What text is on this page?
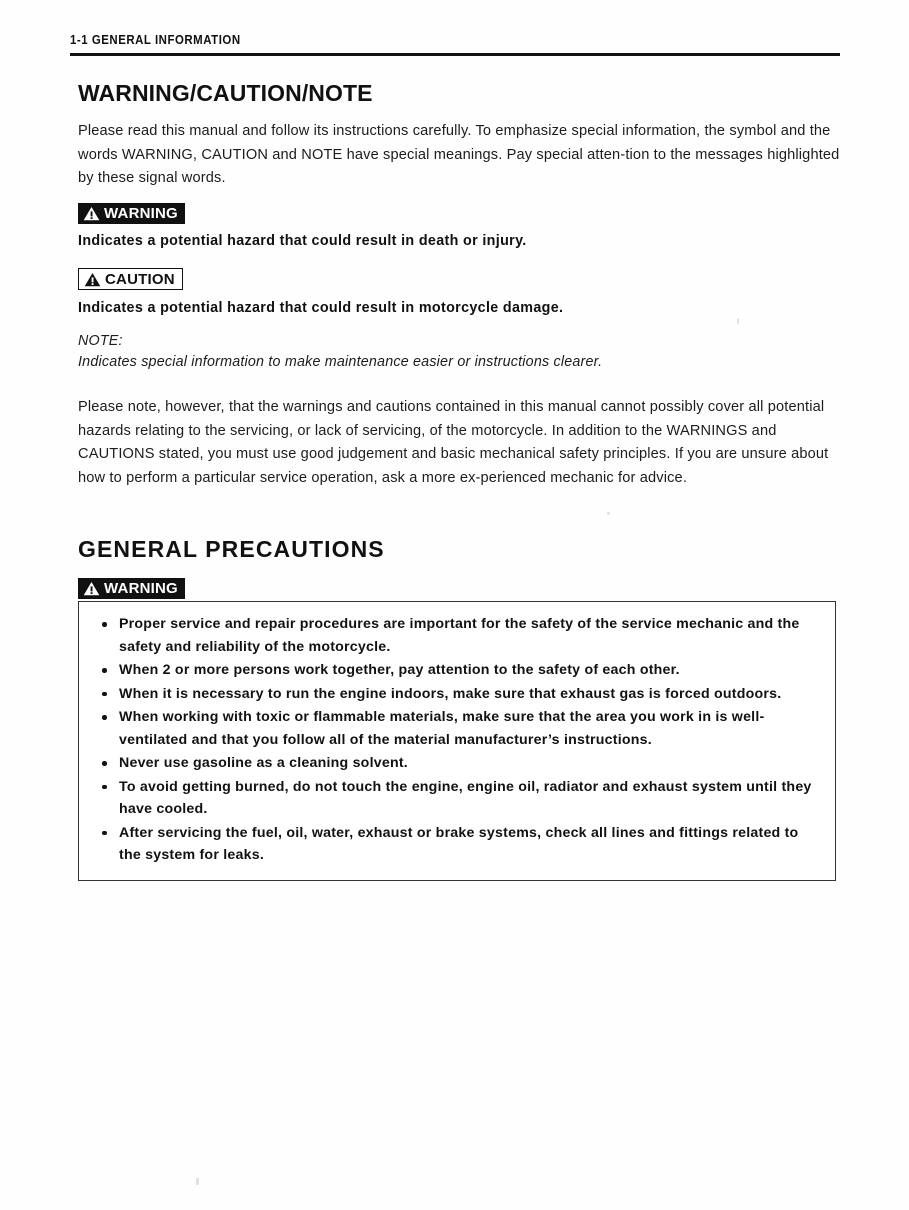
1-1 GENERAL INFORMATION
WARNING/CAUTION/NOTE

Please read this manual and follow its instructions carefully. To emphasize special information, the symbol and the words WARNING, CAUTION and NOTE have special meanings. Pay special atten-tion to the messages highlighted by these signal words.

WARNING

Indicates a potential hazard that could result in death or injury.

CAUTION

Indicates a potential hazard that could result in motorcycle damage.

NOTE:

Indicates special information to make maintenance easier or instructions clearer.

Please note, however, that the warnings and cautions contained in this manual cannot possibly cover all potential hazards relating to the servicing, or lack of servicing, of the motorcycle. In addition to the WARNINGS and CAUTIONS stated, you must use good judgement and basic mechanical safety principles. If you are unsure about how to perform a particular service operation, ask a more ex-perienced mechanic for advice.

GENERAL PRECAUTIONS
WARNING
Proper service and repair procedures are important for the safety of the service mechanic and the safety and reliability of the motorcycle.
When 2 or more persons work together, pay attention to the safety of each other.
When it is necessary to run the engine indoors, make sure that exhaust gas is forced outdoors.
When working with toxic or flammable materials, make sure that the area you work in is well-ventilated and that you follow all of the material manufacturer’s instructions.
Never use gasoline as a cleaning solvent.
To avoid getting burned, do not touch the engine, engine oil, radiator and exhaust system until they have cooled.
After servicing the fuel, oil, water, exhaust or brake systems, check all lines and fittings related to the system for leaks.
